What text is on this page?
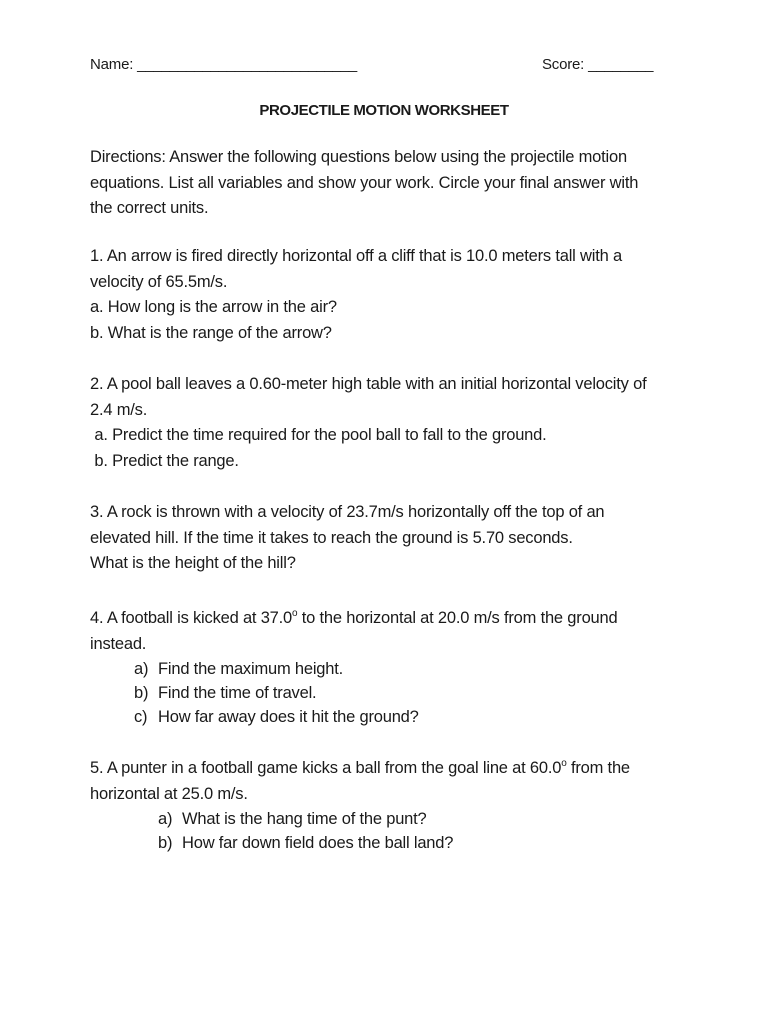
Name: ___________________________	Score: ________
PROJECTILE MOTION WORKSHEET
Directions: Answer the following questions below using the projectile motion
equations. List all variables and show your work. Circle your final answer with
the correct units.
1. An arrow is fired directly horizontal off a cliff that is 10.0 meters tall with a
velocity of 65.5m/s.
a. How long is the arrow in the air?
b. What is the range of the arrow?
2. A pool ball leaves a 0.60-meter high table with an initial horizontal velocity of
2.4 m/s.
a. Predict the time required for the pool ball to fall to the ground.
b. Predict the range.
3. A rock is thrown with a velocity of 23.7m/s horizontally off the top of an
elevated hill. If the time it takes to reach the ground is 5.70 seconds.
What is the height of the hill?
4. A football is kicked at 37.0$^o$ to the horizontal at 20.0 m/s from the ground
instead.
a) Find the maximum height.
b) Find the time of travel.
c) How far away does it hit the ground?
5. A punter in a football game kicks a ball from the goal line at 60.0$^o$ from the
horizontal at 25.0 m/s.
a) What is the hang time of the punt?
b) How far down field does the ball land?
